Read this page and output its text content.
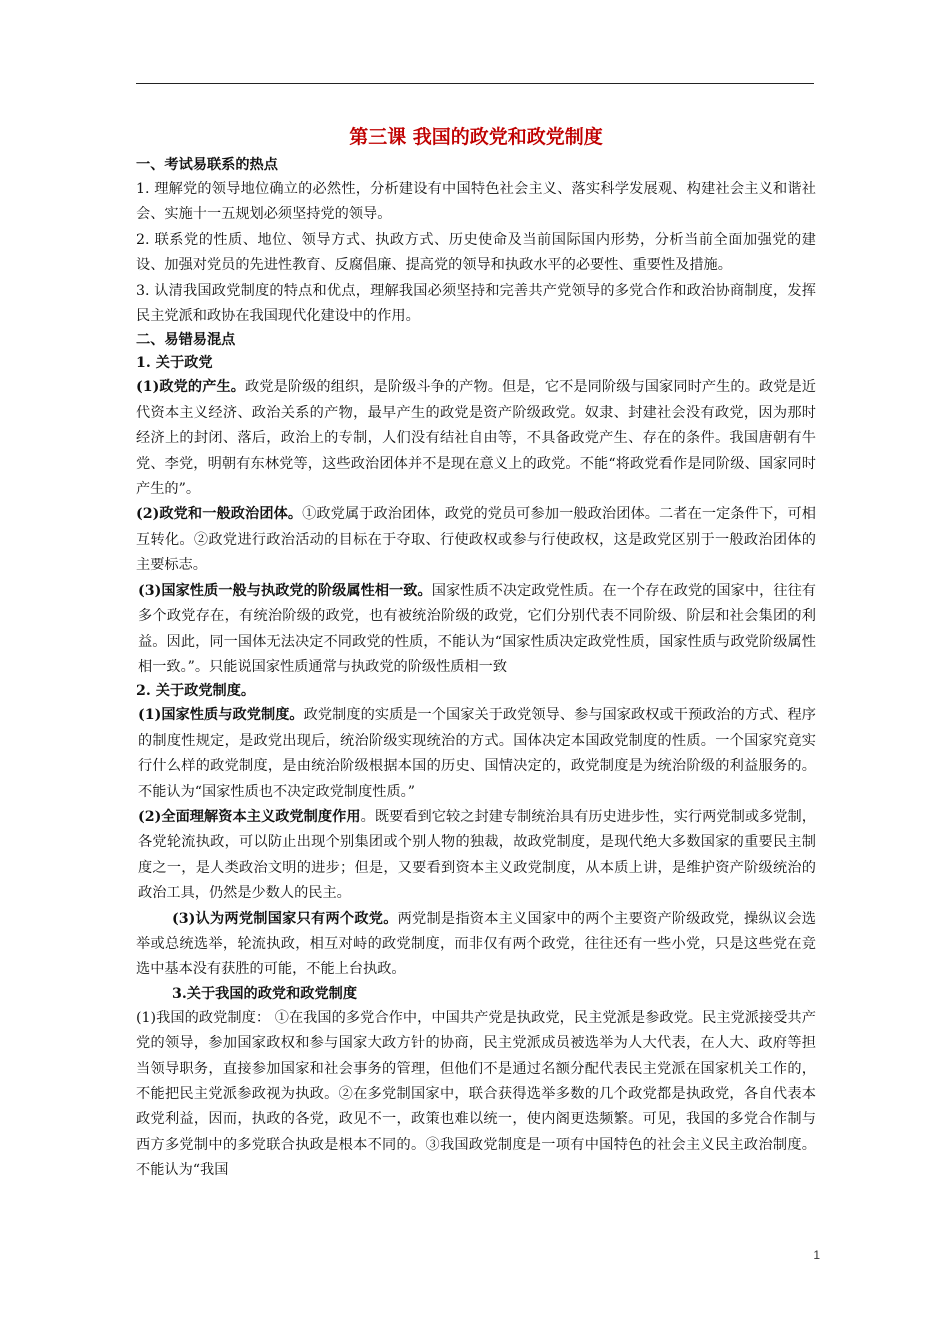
第三课 我国的政党和政党制度
一、考试易联系的热点

1. 理解党的领导地位确立的必然性，分析建设有中国特色社会主义、落实科学发展观、构建社会主义和谐社会、实施十一五规划必须坚持党的领导。

2. 联系党的性质、地位、领导方式、执政方式、历史使命及当前国际国内形势，分析当前全面加强党的建设、加强对党员的先进性教育、反腐倡廉、提高党的领导和执政水平的必要性、重要性及措施。

3. 认清我国政党制度的特点和优点，理解我国必须坚持和完善共产党领导的多党合作和政治协商制度，发挥民主党派和政协在我国现代化建设中的作用。

二、易错易混点
1. 关于政党

(1)政党的产生。政党是阶级的组织，是阶级斗争的产物。但是，它不是同阶级与国家同时产生的。政党是近代资本主义经济、政治关系的产物，最早产生的政党是资产阶级政党。奴隶、封建社会没有政党，因为那时经济上的封闭、落后，政治上的专制，人们没有结社自由等，不具备政党产生、存在的条件。我国唐朝有牛党、李党，明朝有东林党等，这些政治团体并不是现在意义上的政党。不能“将政党看作是同阶级、国家同时产生的”。

(2)政党和一般政治团体。①政党属于政治团体，政党的党员可参加一般政治团体。二者在一定条件下，可相互转化。②政党进行政治活动的目标在于夺取、行使政权或参与行使政权，这是政党区别于一般政治团体的主要标志。

(3)国家性质一般与执政党的阶级属性相一致。国家性质不决定政党性质。在一个存在政党的国家中，往往有多个政党存在，有统治阶级的政党，也有被统治阶级的政党，它们分别代表不同阶级、阶层和社会集团的利益。因此，同一国体无法决定不同政党的性质，不能认为“国家性质决定政党性质，国家性质与政党阶级属性相一致。”。只能说国家性质通常与执政党的阶级性质相一致

2. 关于政党制度。

(1)国家性质与政党制度。政党制度的实质是一个国家关于政党领导、参与国家政权或干预政治的方式、程序的制度性规定，是政党出现后，统治阶级实现统治的方式。国体决定本国政党制度的性质。一个国家究竟实行什么样的政党制度，是由统治阶级根据本国的历史、国情决定的，政党制度是为统治阶级的利益服务的。不能认为“国家性质也不决定政党制度性质。”

(2)全面理解资本主义政党制度作用。既要看到它较之封建专制统治具有历史进步性，实行两党制或多党制，各党轮流执政，可以防止出现个别集团或个别人物的独裁，故政党制度，是现代绝大多数国家的重要民主制度之一，是人类政治文明的进步；但是，又要看到资本主义政党制度，从本质上讲，是维护资产阶级统治的政治工具，仍然是少数人的民主。

(3)认为两党制国家只有两个政党。两党制是指资本主义国家中的两个主要资产阶级政党，操纵议会选举或总统选举，轮流执政，相互对峙的政党制度，而非仅有两个政党，往往还有一些小党，只是这些党在竞选中基本没有获胜的可能，不能上台执政。

3.关于我国的政党和政党制度

(1)我国的政党制度： ①在我国的多党合作中，中国共产党是执政党，民主党派是参政党。民主党派接受共产党的领导，参加国家政权和参与国家大政方针的协商，民主党派成员被选举为人大代表，在人大、政府等担当领导职务，直接参加国家和社会事务的管理，但他们不是通过名额分配代表民主党派在国家机关工作的，不能把民主党派参政视为执政。②在多党制国家中，联合获得选举多数的几个政党都是执政党，各自代表本政党利益，因而，执政的各党，政见不一，政策也难以统一，使内阁更迭频繁。可见，我国的多党合作制与西方多党制中的多党联合执政是根本不同的。③我国政党制度是一项有中国特色的社会主义民主政治制度。不能认为“我国

1
